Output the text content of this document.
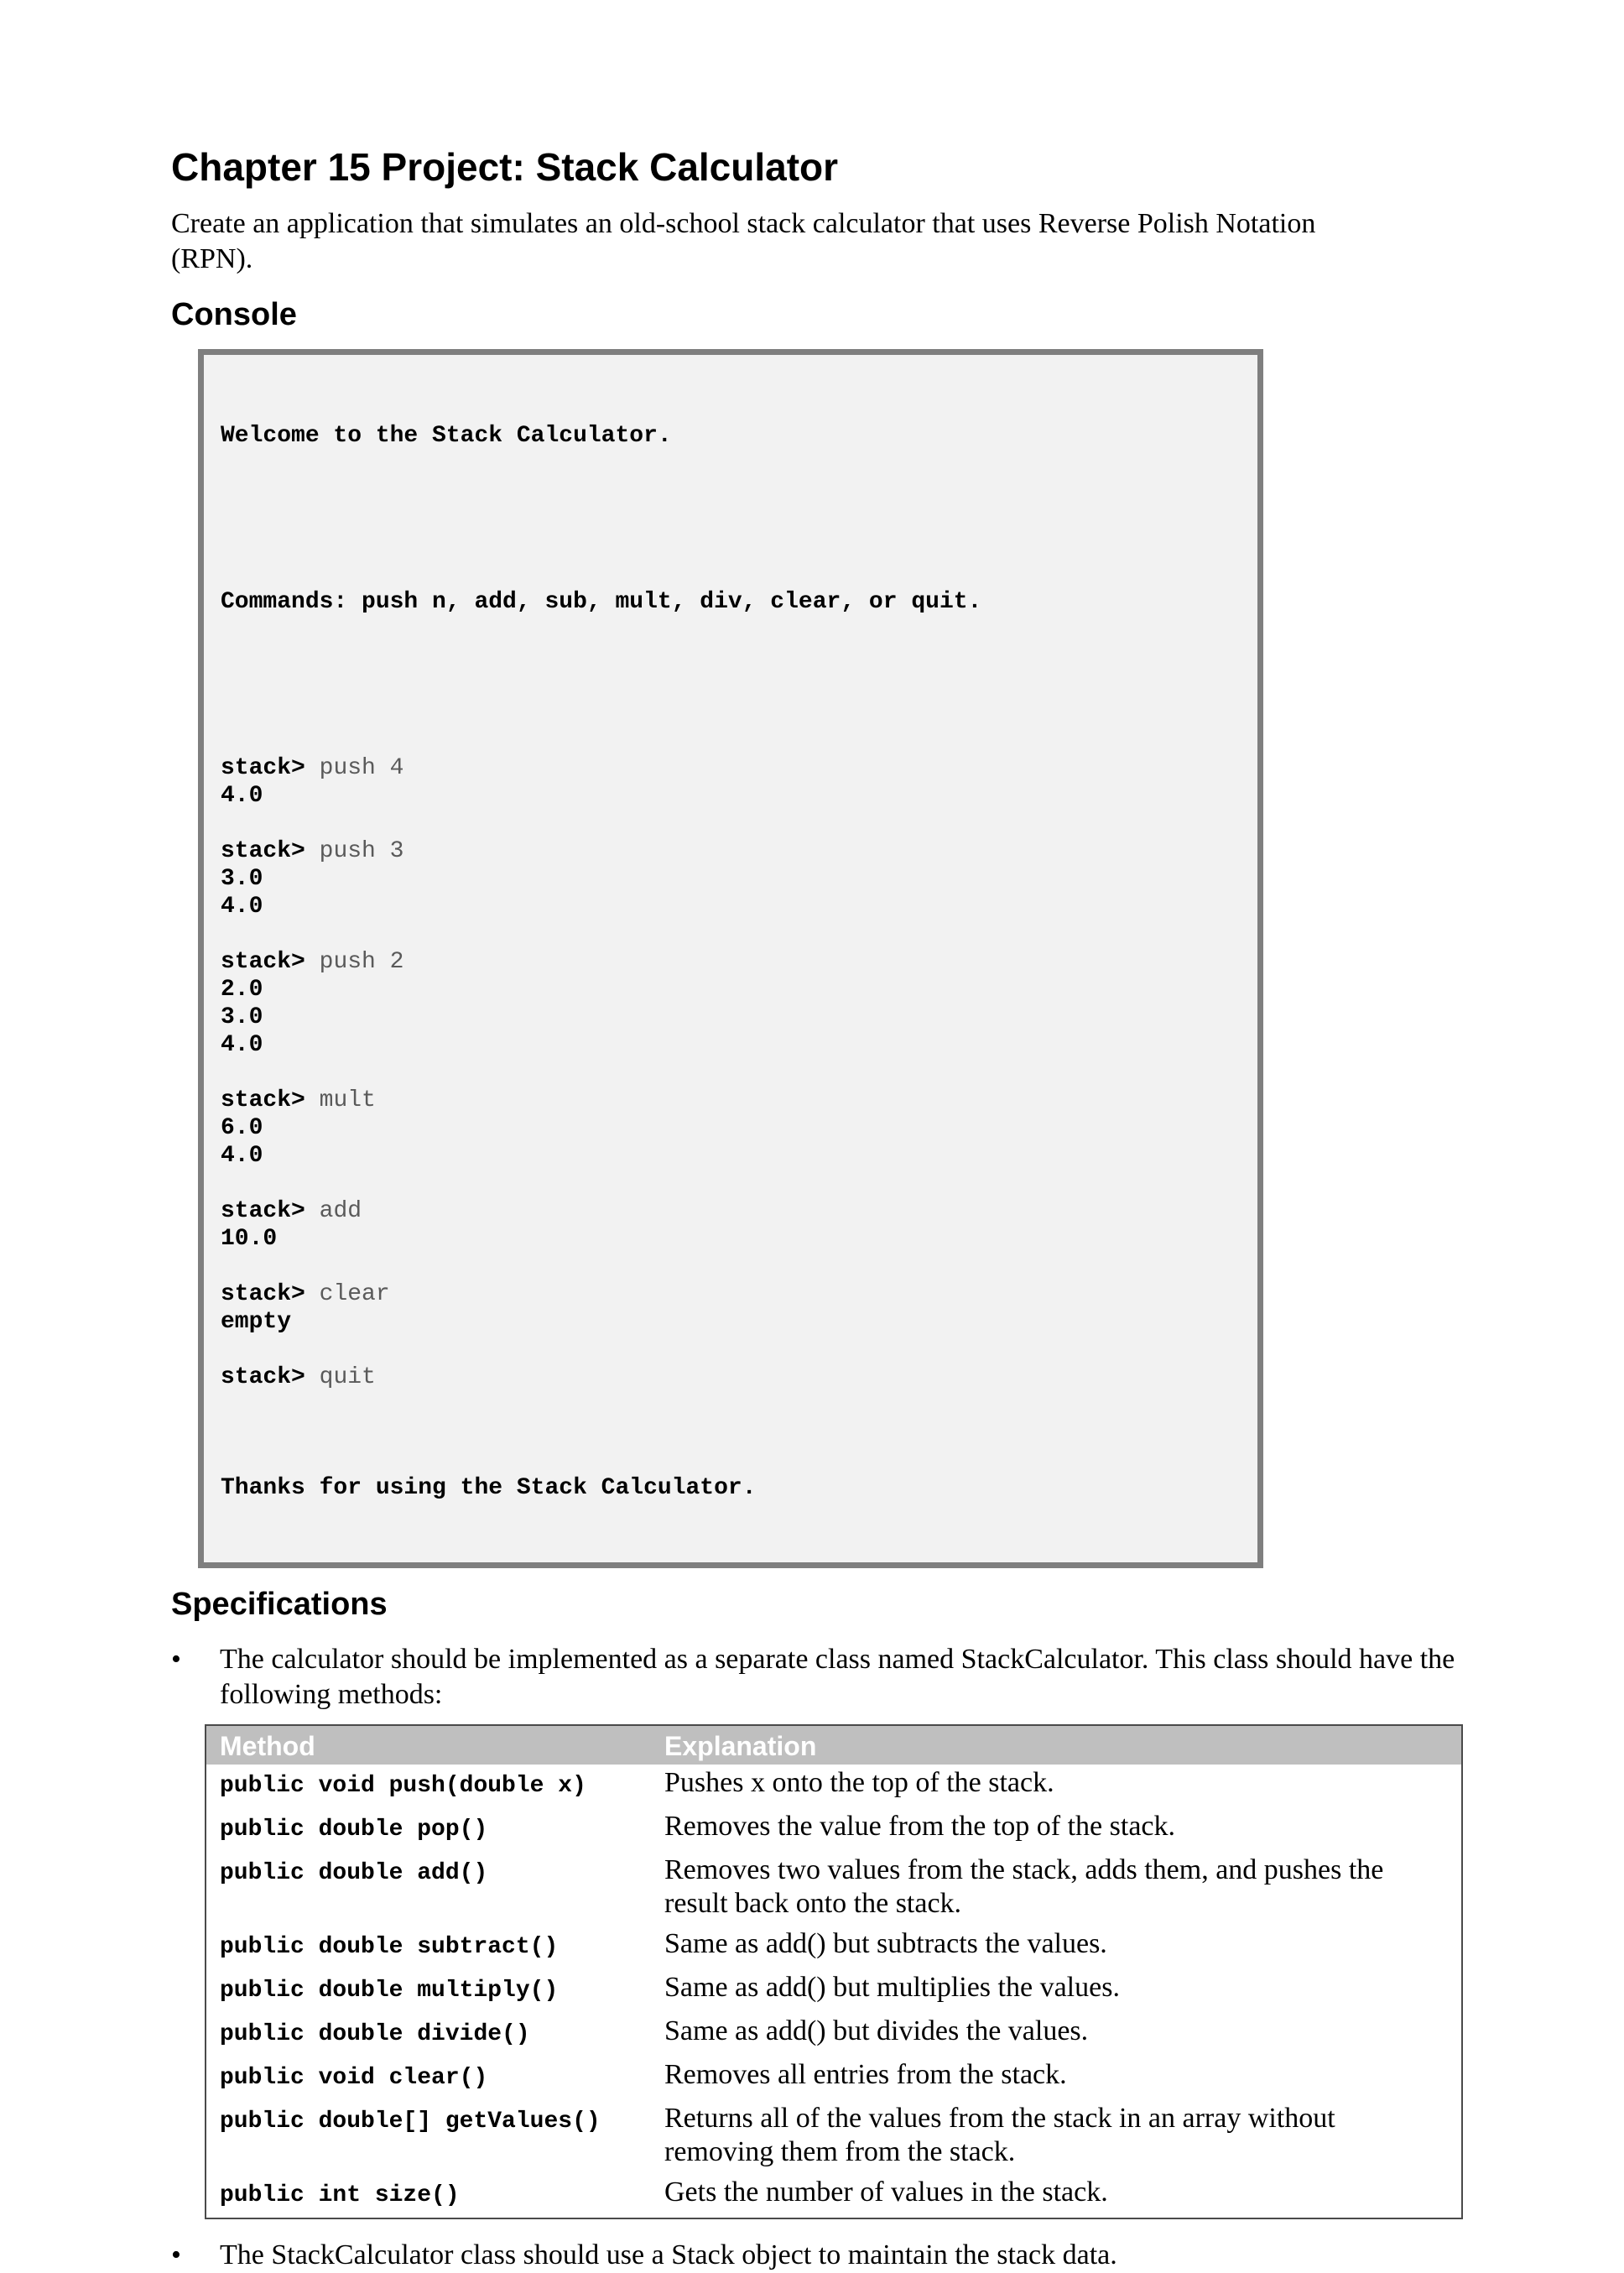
Chapter 15 Project: Stack Calculator

Create an application that simulates an old-school stack calculator that uses Reverse Polish Notation (RPN).

Console

Welcome to the Stack Calculator.

Commands: push n, add, sub, mult, div, clear, or quit.

stack> push 4
4.0
stack> push 3
3.0
4.0
stack> push 2
2.0
3.0
4.0
stack> mult
6.0
4.0
stack> add
10.0
stack> clear
empty
stack> quit

Thanks for using the Stack Calculator.

Specifications
•	The calculator should be implemented as a separate class named StackCalculator. This class should have the following methods:
Method	Explanation
public void push(double x)	Pushes x onto the top of the stack.
public double pop()	Removes the value from the top of the stack.
public double add()	Removes two values from the stack, adds them, and pushes the result back onto the stack.
public double subtract()	Same as add() but subtracts the values.
public double multiply()	Same as add() but multiplies the values.
public double divide()	Same as add() but divides the values.
public void clear()	Removes all entries from the stack.
public double[] getValues()	Returns all of the values from the stack in an array without removing them from the stack.
public int size()	Gets the number of values in the stack.
•	The StackCalculator class should use a Stack object to maintain the stack data.
